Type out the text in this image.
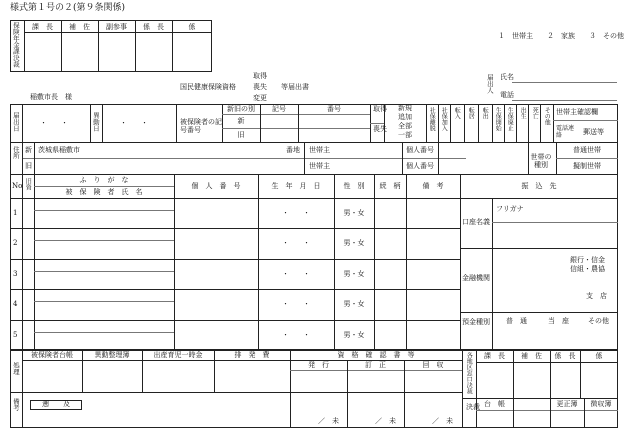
様式第１号の２(第９条関係)
保険年金課決裁	課　長	補　佐	副参事	係　長	係
１　世帯主　　２　家族　　３　その他
国民健康保険資格
取得
喪失
変更
等届出書
稲敷市長　様
届出人 氏名
電話
届出日	・　　・	異動日	・　　・	被保険者の記号番号
新旧の別	記号	番号
新
旧
取得
喪失
新規
追加
全部
一部
社保離脱 社保加入 転入 転居 転出 生保開始 生保廃止 出生 死亡 その他 世帯主確認欄
電話連絡	郵送等
住所 新
旧
茨城県稲敷市	番地 世帯主
世帯主
個人番号
個人番号
世帯の種別
普通世帯
擬制世帯
No 旧資	ふ　り　が　な
被　保　険　者　氏　名
個　人　番　号	生　年　月　日	性　別	続　柄	備　考	振　込　先
1	・　　・	男・女
2	・　　・	男・女
3	・　　・	男・女
4	・　　・	男・女
5	・　　・	男・女
口座名義
フリガナ
金融機関
銀行・信金
信組・農協
支　店
預金種別 普　通	当　座	その他
処理
被保険者台帳	異動整理簿	出産育児一時金	排　発　費	資　格　確　認　書　等
発　行	訂　正	回　収
／　未	／　未	／　未
備考	遡　　及
各地区窓口決裁	課　長	補　佐	係　長	係
決裁 台　帳	更正簿	徴収簿
